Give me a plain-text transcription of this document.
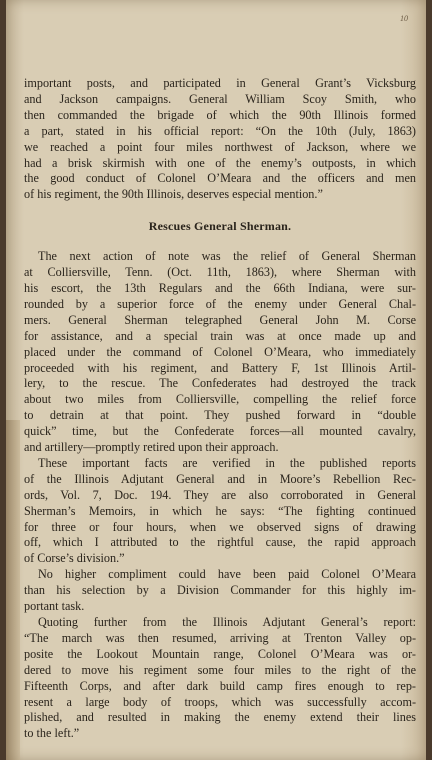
10
important posts, and participated in General Grant’s Vicksburg
and Jackson campaigns. General William Scoy Smith, who
then commanded the brigade of which the 90th Illinois formed
a part, stated in his official report: “On the 10th (July, 1863)
we reached a point four miles northwest of Jackson, where we
had a brisk skirmish with one of the enemy’s outposts, in which
the good conduct of Colonel O’Meara and the officers and men
of his regiment, the 90th Illinois, deserves especial mention.”
Rescues General Sherman.
The next action of note was the relief of General Sherman
at Colliersville, Tenn. (Oct. 11th, 1863), where Sherman with
his escort, the 13th Regulars and the 66th Indiana, were sur-
rounded by a superior force of the enemy under General Chal-
mers. General Sherman telegraphed General John M. Corse
for assistance, and a special train was at once made up and
placed under the command of Colonel O’Meara, who immediately
proceeded with his regiment, and Battery F, 1st Illinois Artil-
lery, to the rescue. The Confederates had destroyed the track
about two miles from Colliersville, compelling the relief force
to detrain at that point. They pushed forward in “double
quick” time, but the Confederate forces—all mounted cavalry,
and artillery—promptly retired upon their approach.
These important facts are verified in the published reports
of the Illinois Adjutant General and in Moore’s Rebellion Rec-
ords, Vol. 7, Doc. 194. They are also corroborated in General
Sherman’s Memoirs, in which he says: “The fighting continued
for three or four hours, when we observed signs of drawing
off, which I attributed to the rightful cause, the rapid approach
of Corse’s division.”
No higher compliment could have been paid Colonel O’Meara
than his selection by a Division Commander for this highly im-
portant task.
Quoting further from the Illinois Adjutant General’s report:
“The march was then resumed, arriving at Trenton Valley op-
posite the Lookout Mountain range, Colonel O’Meara was or-
dered to move his regiment some four miles to the right of the
Fifteenth Corps, and after dark build camp fires enough to rep-
resent a large body of troops, which was successfully accom-
plished, and resulted in making the enemy extend their lines
to the left.”
